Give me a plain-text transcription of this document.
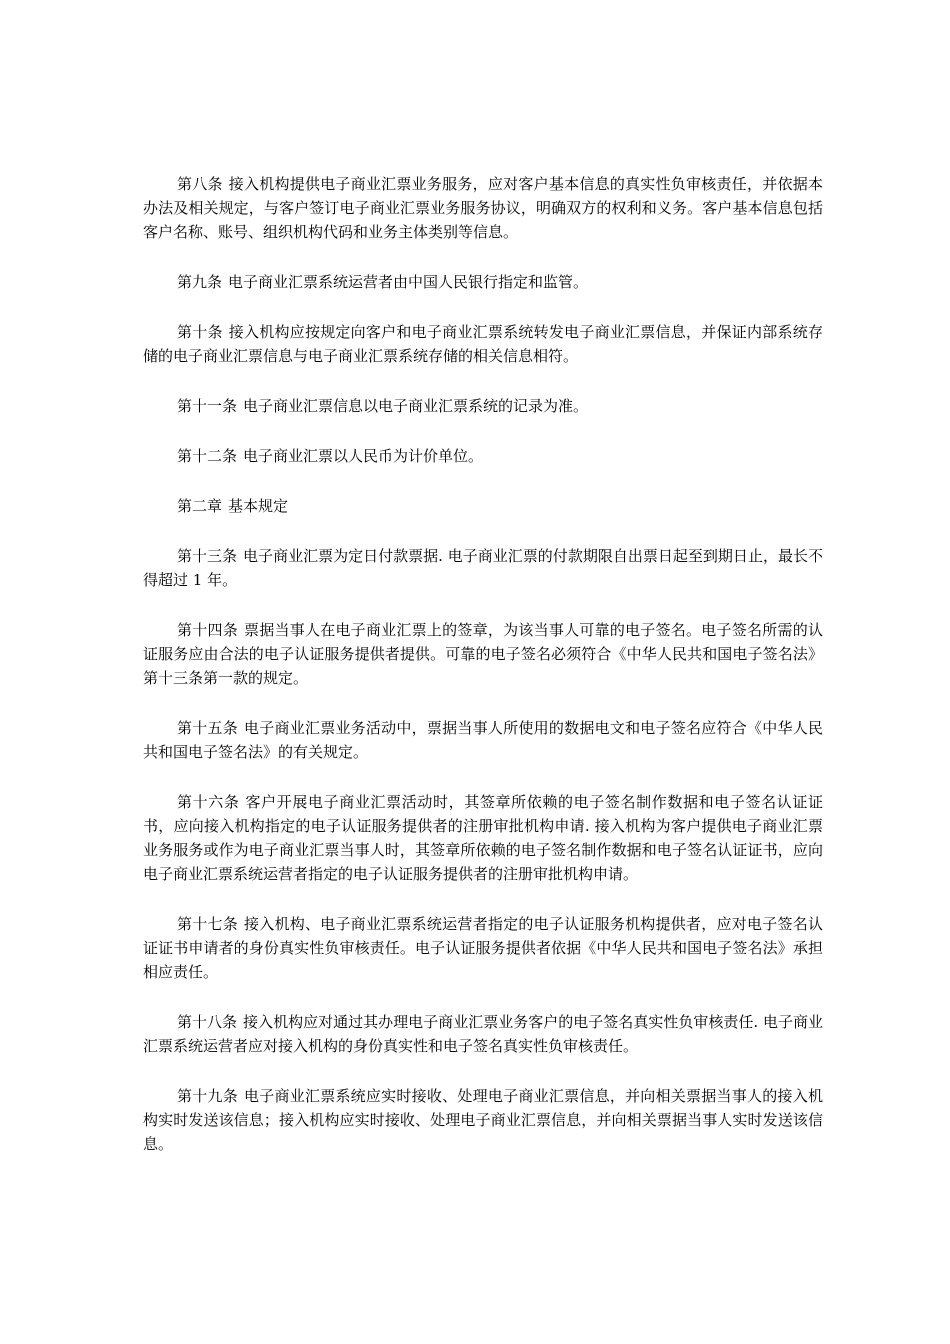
第八条 接入机构提供电子商业汇票业务服务，应对客户基本信息的真实性负审核责任，并依据本办法及相关规定，与客户签订电子商业汇票业务服务协议，明确双方的权利和义务。客户基本信息包括客户名称、账号、组织机构代码和业务主体类别等信息。

第九条 电子商业汇票系统运营者由中国人民银行指定和监管。

第十条 接入机构应按规定向客户和电子商业汇票系统转发电子商业汇票信息，并保证内部系统存储的电子商业汇票信息与电子商业汇票系统存储的相关信息相符。

第十一条 电子商业汇票信息以电子商业汇票系统的记录为准。

第十二条 电子商业汇票以人民币为计价单位。

第二章 基本规定

第十三条 电子商业汇票为定日付款票据. 电子商业汇票的付款期限自出票日起至到期日止，最长不得超过 1 年。

第十四条 票据当事人在电子商业汇票上的签章，为该当事人可靠的电子签名。电子签名所需的认证服务应由合法的电子认证服务提供者提供。可靠的电子签名必须符合《中华人民共和国电子签名法》第十三条第一款的规定。

第十五条 电子商业汇票业务活动中，票据当事人所使用的数据电文和电子签名应符合《中华人民共和国电子签名法》的有关规定。

第十六条 客户开展电子商业汇票活动时，其签章所依赖的电子签名制作数据和电子签名认证证书，应向接入机构指定的电子认证服务提供者的注册审批机构申请. 接入机构为客户提供电子商业汇票业务服务或作为电子商业汇票当事人时，其签章所依赖的电子签名制作数据和电子签名认证证书，应向电子商业汇票系统运营者指定的电子认证服务提供者的注册审批机构申请。

第十七条 接入机构、电子商业汇票系统运营者指定的电子认证服务机构提供者，应对电子签名认证证书申请者的身份真实性负审核责任。电子认证服务提供者依据《中华人民共和国电子签名法》承担相应责任。

第十八条 接入机构应对通过其办理电子商业汇票业务客户的电子签名真实性负审核责任. 电子商业汇票系统运营者应对接入机构的身份真实性和电子签名真实性负审核责任。

第十九条 电子商业汇票系统应实时接收、处理电子商业汇票信息，并向相关票据当事人的接入机构实时发送该信息；接入机构应实时接收、处理电子商业汇票信息，并向相关票据当事人实时发送该信息。
